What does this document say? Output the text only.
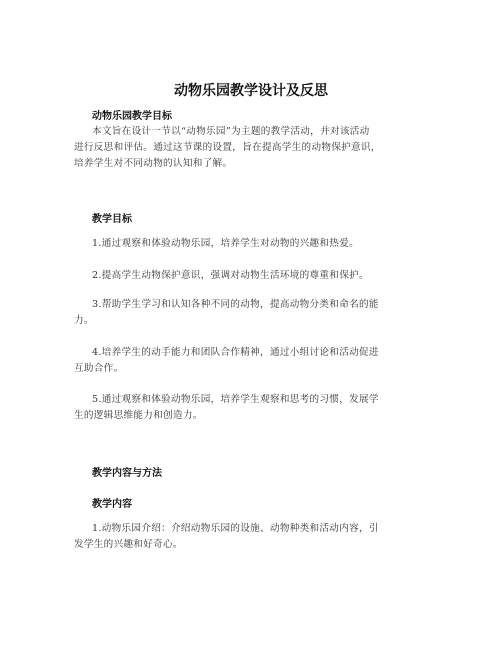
动物乐园教学设计及反思
动物乐园教学目标
本文旨在设计一节以“动物乐园”为主题的教学活动，并对该活动
进行反思和评估。通过这节课的设置，旨在提高学生的动物保护意识，
培养学生对不同动物的认知和了解。
教学目标
1.通过观察和体验动物乐园，培养学生对动物的兴趣和热爱。
2.提高学生动物保护意识，强调对动物生活环境的尊重和保护。
3.帮助学生学习和认知各种不同的动物，提高动物分类和命名的能
力。
4.培养学生的动手能力和团队合作精神，通过小组讨论和活动促进
互助合作。
5.通过观察和体验动物乐园，培养学生观察和思考的习惯，发展学
生的逻辑思维能力和创造力。
教学内容与方法
教学内容
1.动物乐园介绍：介绍动物乐园的设施、动物种类和活动内容，引
发学生的兴趣和好奇心。
